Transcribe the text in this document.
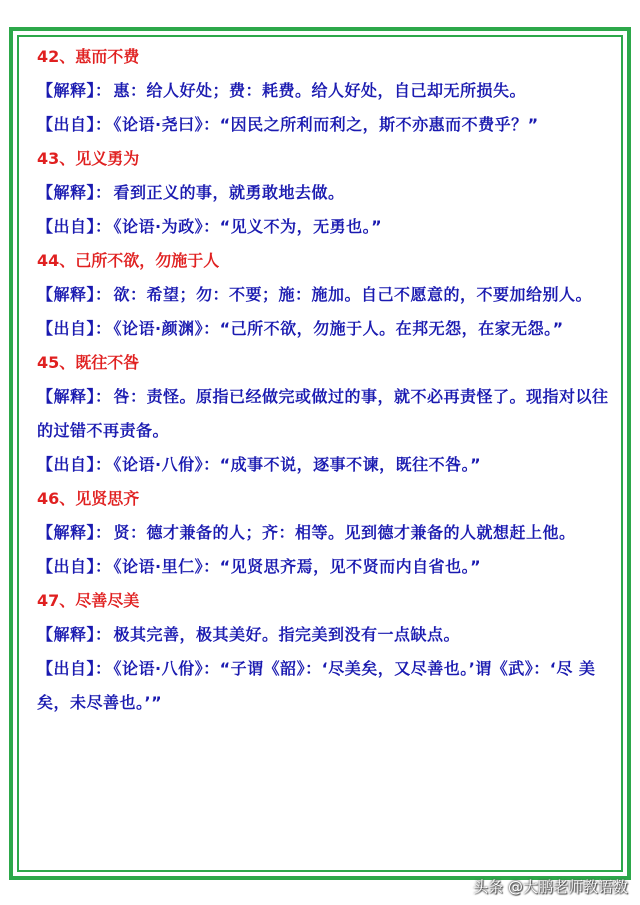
42、惠而不费
【解释】： 惠：给人好处；费：耗费。给人好处，自己却无所损失。
【出自】： 《论语·尧曰》：“因民之所利而利之，斯不亦惠而不费乎？”
43、见义勇为
【解释】： 看到正义的事，就勇敢地去做。
【出自】： 《论语·为政》：“见义不为，无勇也。”
44、己所不欲，勿施于人
【解释】： 欲：希望；勿：不要；施：施加。自己不愿意的，不要加给别人。
【出自】： 《论语·颜渊》：“己所不欲，勿施于人。在邦无怨，在家无怨。”
45、既往不咎
【解释】： 咎：责怪。原指已经做完或做过的事，就不必再责怪了。现指对以往的过错不再责备。
【出自】： 《论语·八佾》：“成事不说，逐事不谏，既往不咎。”
46、见贤思齐
【解释】： 贤：德才兼备的人；齐：相等。见到德才兼备的人就想赶上他。
【出自】： 《论语·里仁》：“见贤思齐焉，见不贤而内自省也。”
47、尽善尽美
【解释】： 极其完善，极其美好。指完美到没有一点缺点。
【出自】： 《论语·八佾》：“子谓《韶》：‘尽美矣，又尽善也。’谓《武》：‘尽 美矣，未尽善也。’”
头条 @大鹏老师教语数
